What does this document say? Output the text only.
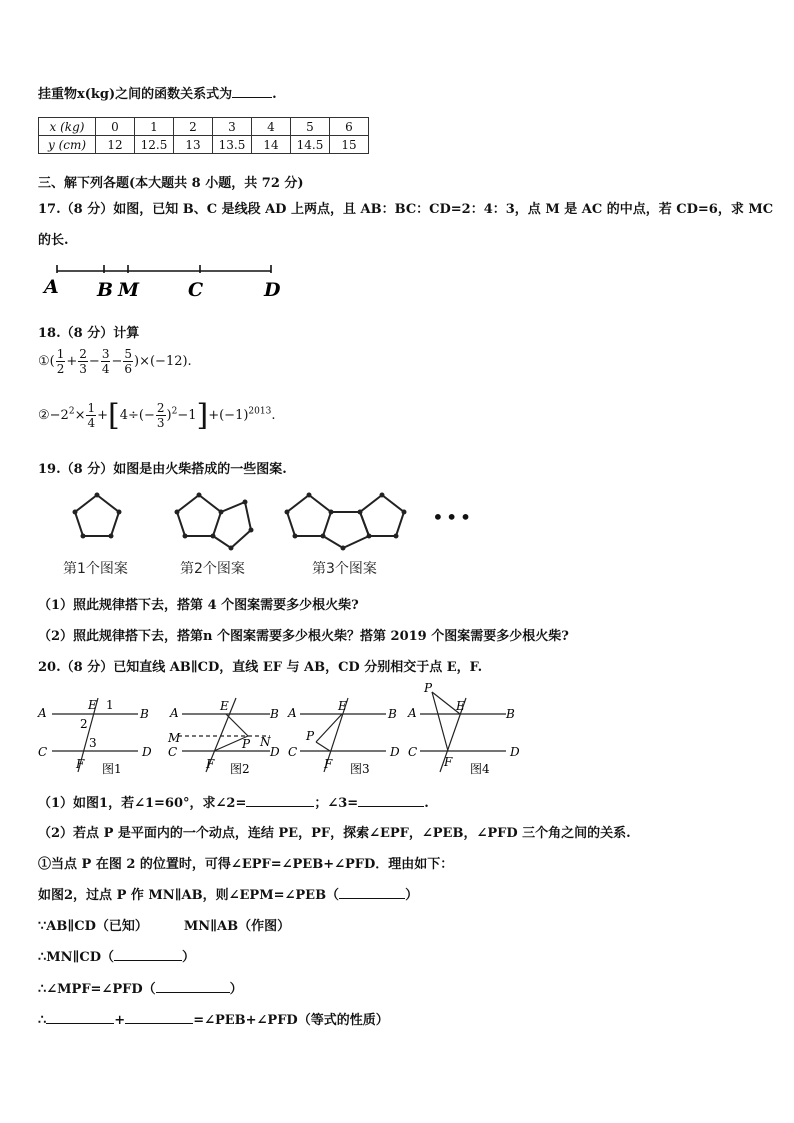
挂重物x(kg)之间的函数关系式为	.
x (kg)	0	1	2	3	4	5	6
y (cm)	12	12.5	13	13.5	14	14.5	15
三、解下列各题(本大题共 8 小题，共 72 分)
17.（8 分）如图，已知 B、C 是线段 AD 上两点，且 AB：BC：CD=2：4：3，点 M 是 AC 的中点，若 CD=6，求 MC
的长.
A B M	C	D
18.（8 分）计算
①( $\frac{1}{2} + \frac{2}{3} - \frac{3}{4} - \frac{5}{6} )\times(-12)$.
$②-2^2\times \frac{1}{4} +[4\div(- \frac{2}{3} )^2-1]+(-1)^{2013}$.
19.（8 分）如图是由火柴搭成的一些图案.
•••
第1个图案	第2个图案	第3个图案
（1）照此规律搭下去，搭第 4 个图案需要多少根火柴?
（2）照此规律搭下去，搭第n 个图案需要多少根火柴？搭第 2019 个图案需要多少根火柴?
20.（8 分）已知直线 AB∥CD，直线 EF 与 AB，CD 分别相交于点 E，F.
A	B
C	D
E 1
2
3
F 图1
A	B
M	N
C	D
E
P
F 图2
A	B
C	D
E
P
F 图3
A	B
C	D
P
E
F 图4
（1）如图1，若∠1=60°，求∠2=	；∠3=	.
（2）若点 P 是平面内的一个动点，连结 PE，PF，探索∠EPF，∠PEB，∠PFD 三个角之间的关系.
①当点 P 在图 2 的位置时，可得∠EPF=∠PEB+∠PFD．理由如下：
如图2，过点 P 作 MN∥AB，则∠EPM=∠PEB（	）
∵AB∥CD（已知）	MN∥AB（作图）
∴MN∥CD（	）
∴∠MPF=∠PFD（	）
∴	+	=∠PEB+∠PFD（等式的性质）
